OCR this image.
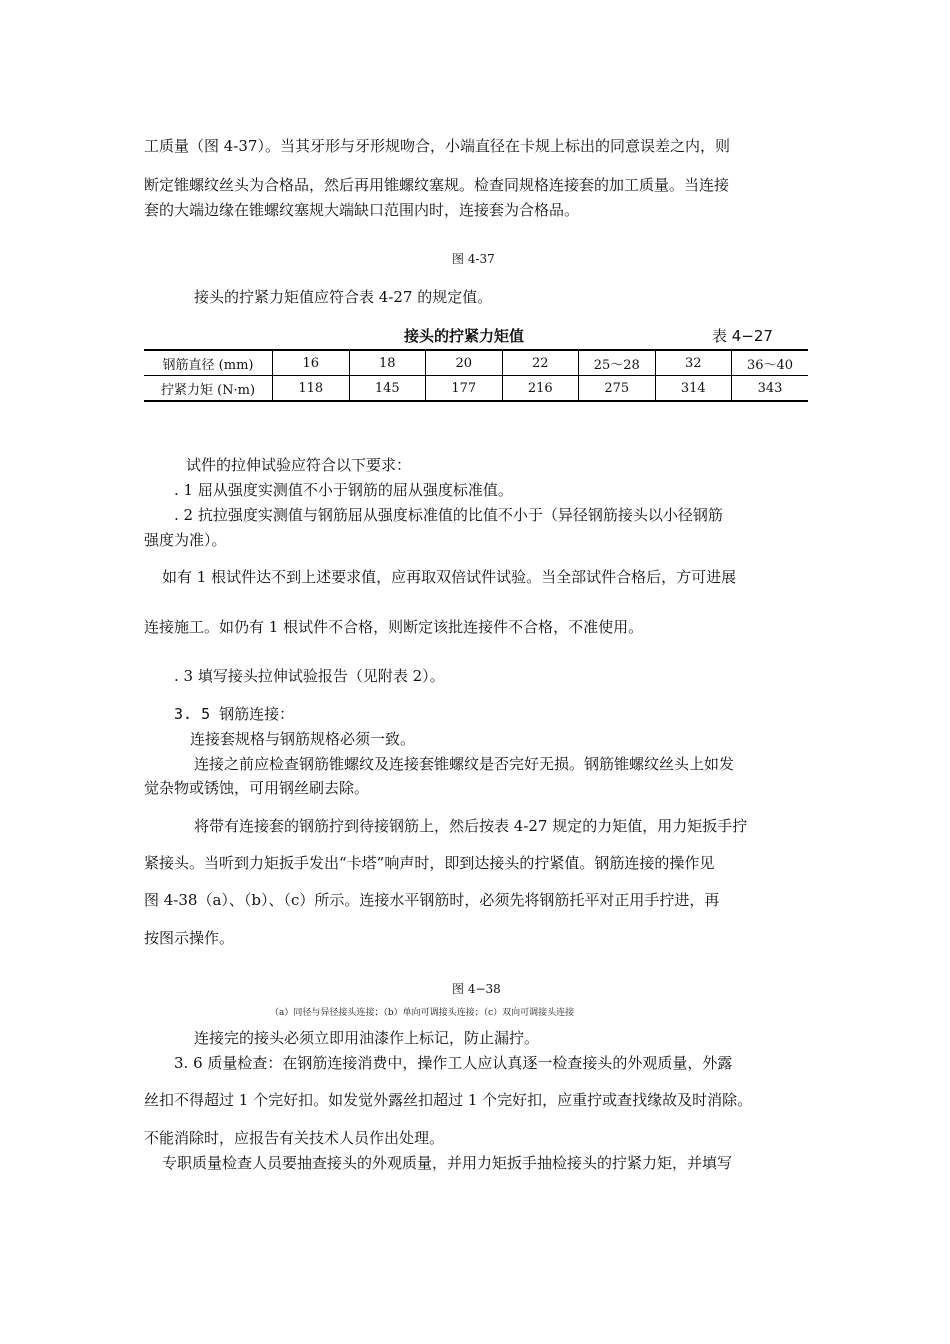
工质量（图 4-37）。当其牙形与牙形规吻合，小端直径在卡规上标出的同意误差之内，则
断定锥螺纹丝头为合格品，然后再用锥螺纹塞规。检查同规格连接套的加工质量。当连接
套的大端边缘在锥螺纹塞规大端缺口范围内时，连接套为合格品。
图 4-37
接头的拧紧力矩值应符合表 4-27 的规定值。
接头的拧紧力矩值	表 4−27
钢筋直径 (mm)	16	18	20	22	25～28	32	36～40
拧紧力矩 (N·m)	118	145	177	216	275	314	343
试件的拉伸试验应符合以下要求：
. 1 屈从强度实测值不小于钢筋的屈从强度标准值。
. 2 抗拉强度实测值与钢筋屈从强度标准值的比值不小于（异径钢筋接头以小径钢筋
强度为准）。
如有 1 根试件达不到上述要求值，应再取双倍试件试验。当全部试件合格后，方可进展
连接施工。如仍有 1 根试件不合格，则断定该批连接件不合格，不准使用。
. 3 填写接头拉伸试验报告（见附表 2）。
3. 5 钢筋连接：
连接套规格与钢筋规格必须一致。
连接之前应检查钢筋锥螺纹及连接套锥螺纹是否完好无损。钢筋锥螺纹丝头上如发
觉杂物或锈蚀，可用钢丝刷去除。
将带有连接套的钢筋拧到待接钢筋上，然后按表 4-27 规定的力矩值，用力矩扳手拧
紧接头。当听到力矩扳手发出“卡塔”响声时，即到达接头的拧紧值。钢筋连接的操作见
图 4-38（a）、（b）、（c）所示。连接水平钢筋时，必须先将钢筋托平对正用手拧进，再
按图示操作。
图 4−38
（a）同径与异径接头连接；（b）单向可调接头连接；（c）双向可调接头连接
连接完的接头必须立即用油漆作上标记，防止漏拧。
3. 6 质量检查：在钢筋连接消费中，操作工人应认真逐一检查接头的外观质量，外露
丝扣不得超过 1 个完好扣。如发觉外露丝扣超过 1 个完好扣，应重拧或查找缘故及时消除。
不能消除时，应报告有关技术人员作出处理。
专职质量检查人员要抽查接头的外观质量，并用力矩扳手抽检接头的拧紧力矩，并填写
